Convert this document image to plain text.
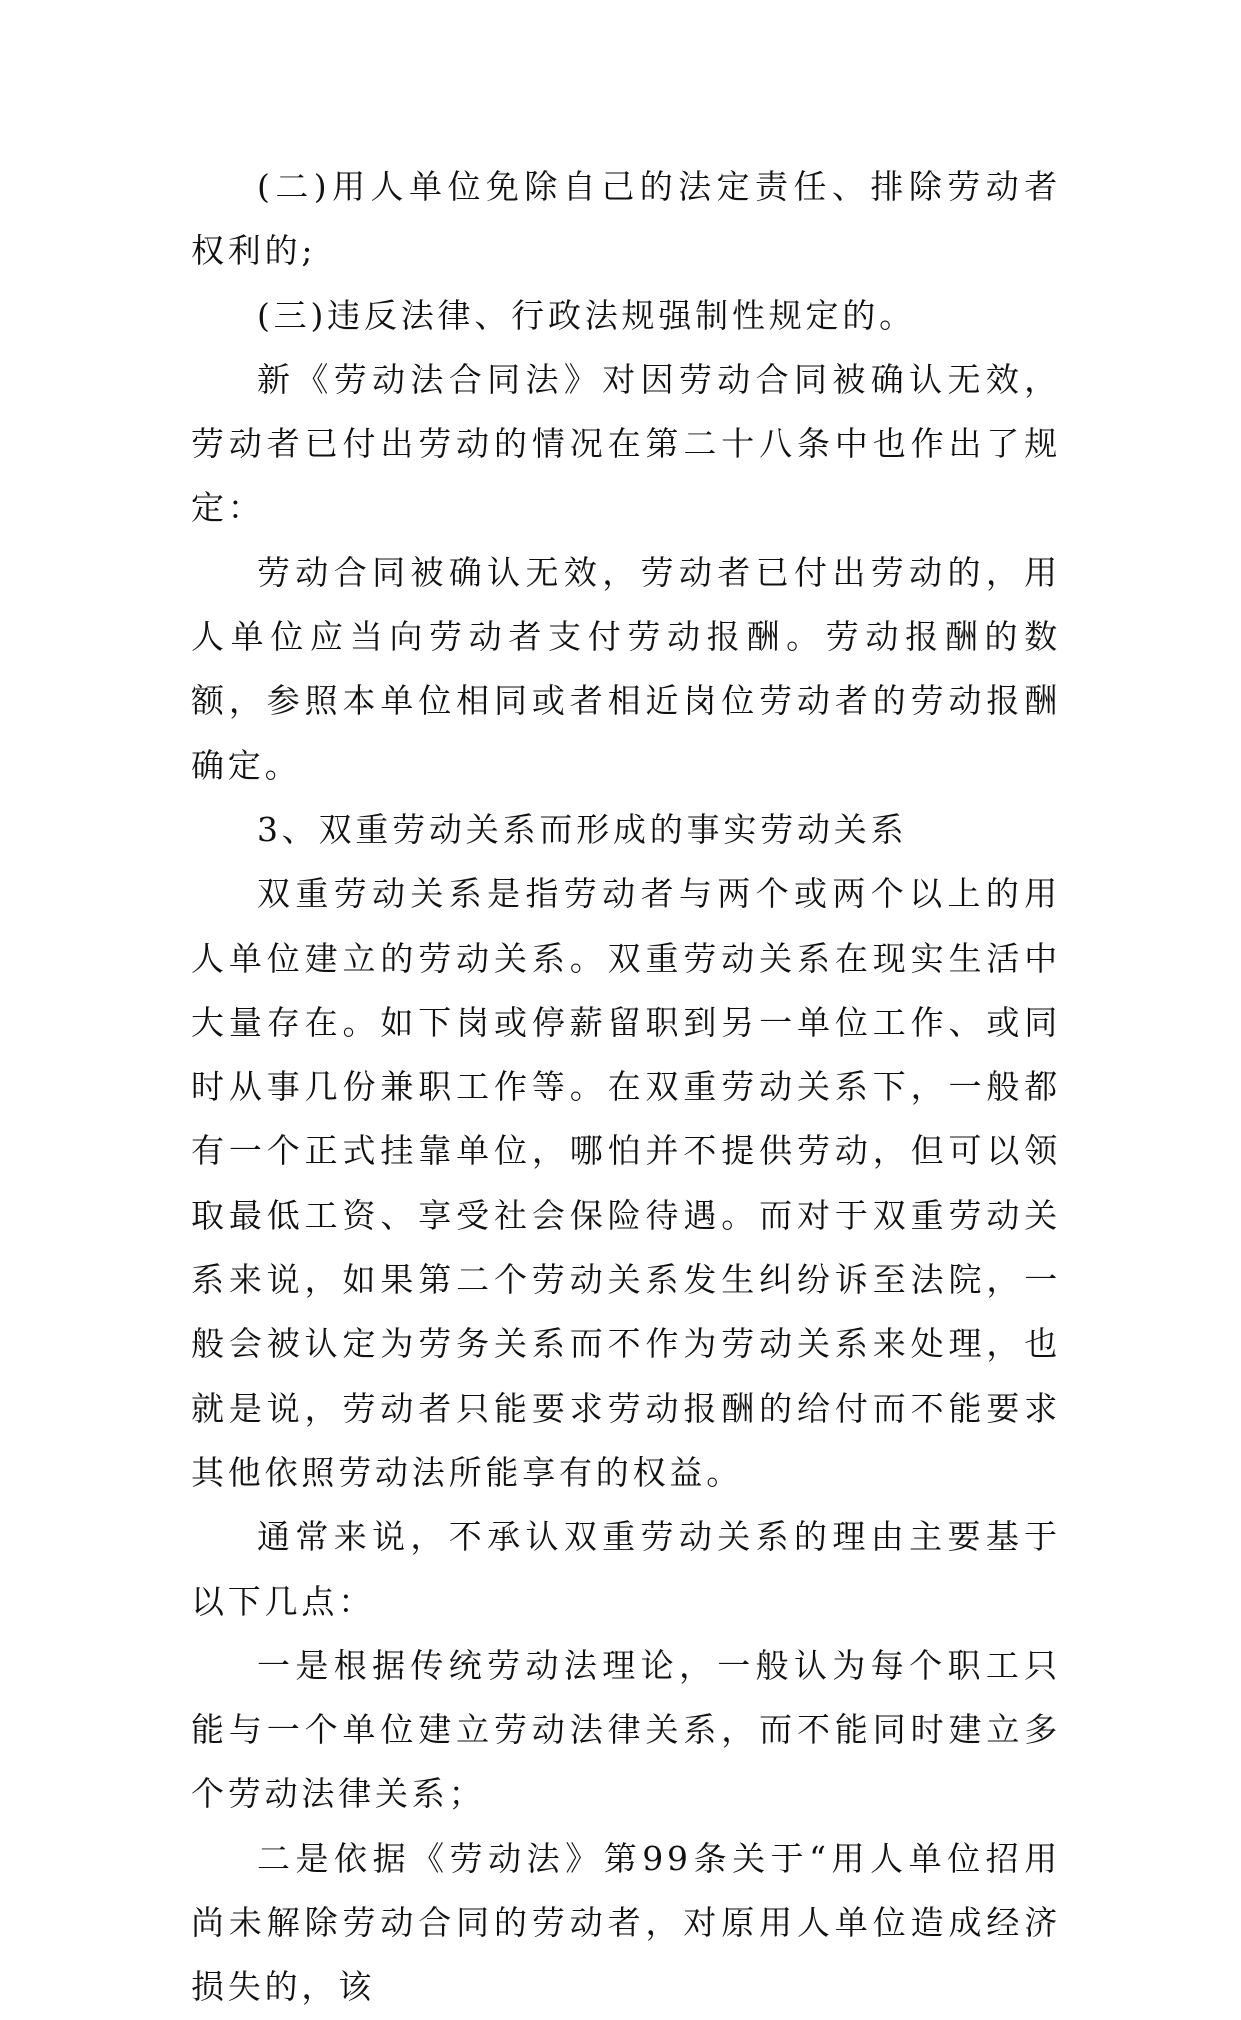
(二)用人单位免除自己的法定责任、排除劳动者权利的;

(三)违反法律、行政法规强制性规定的。

新《劳动法合同法》对因劳动合同被确认无效，劳动者已付出劳动的情况在第二十八条中也作出了规定：

劳动合同被确认无效，劳动者已付出劳动的，用人单位应当向劳动者支付劳动报酬。劳动报酬的数额，参照本单位相同或者相近岗位劳动者的劳动报酬确定。

3、双重劳动关系而形成的事实劳动关系

双重劳动关系是指劳动者与两个或两个以上的用人单位建立的劳动关系。双重劳动关系在现实生活中大量存在。如下岗或停薪留职到另一单位工作、或同时从事几份兼职工作等。在双重劳动关系下，一般都有一个正式挂靠单位，哪怕并不提供劳动，但可以领取最低工资、享受社会保险待遇。而对于双重劳动关系来说，如果第二个劳动关系发生纠纷诉至法院，一般会被认定为劳务关系而不作为劳动关系来处理，也就是说，劳动者只能要求劳动报酬的给付而不能要求其他依照劳动法所能享有的权益。

通常来说，不承认双重劳动关系的理由主要基于以下几点：

一是根据传统劳动法理论，一般认为每个职工只能与一个单位建立劳动法律关系，而不能同时建立多个劳动法律关系；

二是依据《劳动法》第99条关于“用人单位招用尚未解除劳动合同的劳动者，对原用人单位造成经济损失的，该
